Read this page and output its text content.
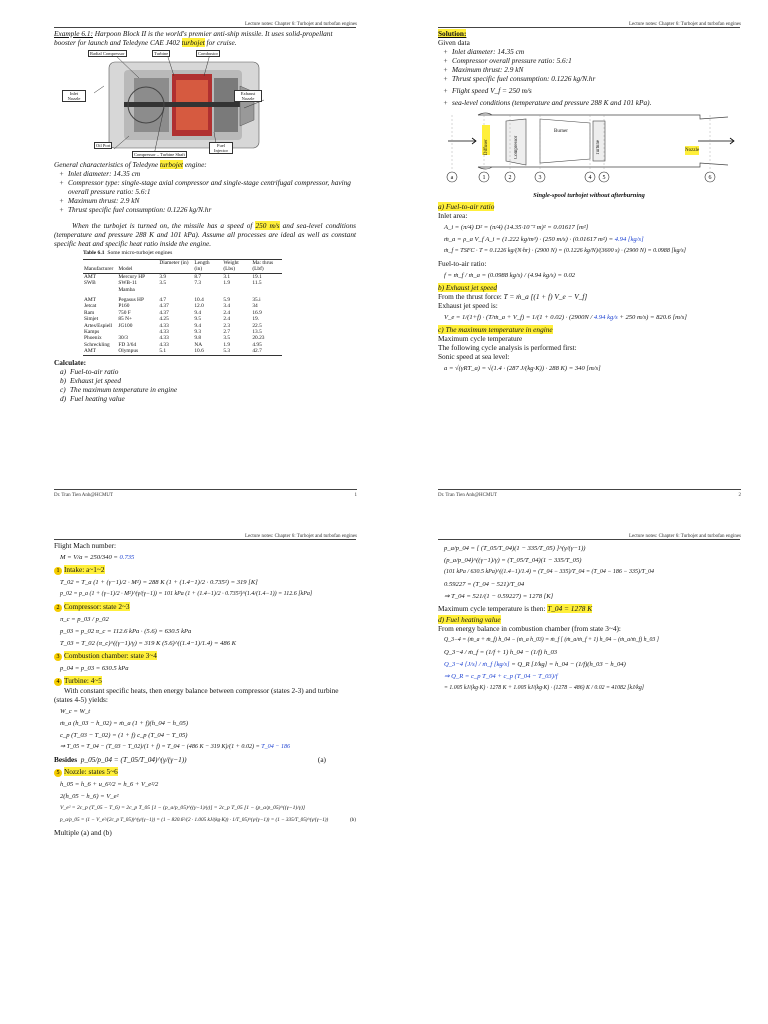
Lecture notes: Chapter 6: Turbojet and turbofan engines
Example 6.1: Harpoon Block II is the world's premier anti-ship missile. It uses solid-propellant booster for launch and Teledyne CAE J402 turbojet for cruise.
Radial Compressor	Turbine	Combustor
Inlet Nozzle
Exhaust Nozzle
Oil Port
Compressor – Turbine Shaft
Fuel Injector
General characteristics of Teledyne turbojet engine:
+ Inlet diameter: 14.35 cm
+ Compressor type: single-stage axial compressor and single-stage centrifugal compressor, having overall pressure ratio: 5.6:1
+ Maximum thrust: 2.9 kN
+ Thrust specific fuel consumption: 0.1226 kg/N.hr
When the turbojet is turned on, the missile has a speed of 250 m/s and sea-level conditions (temperature and pressure 288 K and 101 kPa). Assume all processes are ideal as well as constant specific heat and specific heat ratio inside the engine.
Table 6.1 Some micro-turbojet engines
Manufacturer	Model	Diameter (in)	Length (in)	Weight (Lbs)	Ma: thrus (Lbf)
AMT	Mercury HP	3.9	8.7	3.1	19.1
SWB	SWB-11 Mamba	3.5	7.3	1.9	11.5
AMT	Pegasus HP	4.7	10.4	5.9	35.i
Jetcat	P160	4.37	12.0	3.4	34
Ram	750 F	4.37	9.4	2.4	16.9
Simjet	85 N+	4.25	9.5	2.4	19.
Artes/Espiell	JG100	4.33	9.4	2.3	22.5
Kamps		4.33	9.3	2.7	13.5
Phoenix	30/3	4.33	9.8	3.5	20.23
Schreckling	FD 3/64	4.33	NA	1.9	4.95
AMT	Olympus	5.1	10.6	5.3	42.7
Calculate:
a) Fuel-to-air ratio
b) Exhaust jet speed
c) The maximum temperature in engine
d) Fuel heating value
Dr. Tran Tien Anh@HCMUT	1
Lecture notes: Chapter 6: Turbojet and turbofan engines
Solution:
Given data
+ Inlet diameter: 14.35 cm
+ Compressor overall pressure ratio: 5.6:1
+ Maximum thrust: 2.9 kN
+ Thrust specific fuel consumption: 0.1226 kg/N.hr
+ Flight speed V_f = 250 m/s
+ sea-level conditions (temperature and pressure 288 K and 101 kPa).
a	1	2	3	4 5	6
Diffuser	Compressor
Burner
Turbine	Nozzle
Single-spool turbojet without afterburning
a) Fuel-to-air ratio
Inlet area:
A_i = (π/4) D² = (π/4) (14.35·10⁻² m)² = 0.01617 [m²]
ṁ_a = ρ_a V_f A_i = (1.222 kg/m³) · (250 m/s) · (0.01617 m²) = 4.94 [kg/s]
ṁ_f = TSFC · T = 0.1226 kg/(N·hr) · (2900 N) = (0.1226 kg/N)/(3600 s) · (2900 N) = 0.0988 [kg/s]
Fuel-to-air ratio:
f = ṁ_f / ṁ_a = (0.0988 kg/s) / (4.94 kg/s) = 0.02
b) Exhaust jet speed
From the thrust force: T = ṁ_a [(1 + f) V_e − V_f]
Exhaust jet speed is:
V_e = 1/(1+f) · (T/ṁ_a + V_f) = 1/(1 + 0.02) · (2900N / 4.94 kg/s + 250 m/s) = 820.6 [m/s]
c) The maximum temperature in engine
Maximum cycle temperature
The following cycle analysis is performed first:
Sonic speed at sea level:
a = √(γRT_a) = √(1.4 · (287 J/(kg·K)) · 288 K) = 340 [m/s]
Dr. Tran Tien Anh@HCMUT	2
Lecture notes: Chapter 6: Turbojet and turbofan engines
Flight Mach number:
M = V/a = 250/340 = 0.735
1 Intake: a~1~2
T_02 = T_a (1 + (γ−1)/2 · M²) = 288 K (1 + (1.4−1)/2 · 0.735²) = 319 [K]
p_02 = p_a (1 + (γ−1)/2 · M²)^(γ/(γ−1)) = 101 kPa (1 + (1.4−1)/2 · 0.735²)^(1.4/(1.4−1)) = 112.6 [kPa]
2 Compressor: state 2~3
π_c = p_03 / p_02
p_03 = p_02 π_c = 112.6 kPa · (5.6) = 630.5 kPa
T_03 = T_02 (π_c)^((γ−1)/γ) = 319 K (5.6)^((1.4−1)/1.4) = 486 K
3 Combustion chamber: state 3~4
p_04 = p_03 = 630.5 kPa
4 Turbine: 4~5
With constant specific heats, then energy balance between compressor (states 2-3) and turbine (states 4-5) yields:
W_c = W_t
ṁ_a (h_03 − h_02) = ṁ_a (1 + f)(h_04 − h_05)
c_p (T_03 − T_02) = (1 + f) c_p (T_04 − T_05)
⇒ T_05 = T_04 − (T_03 − T_02)/(1 + f) = T_04 − (486 K − 319 K)/(1 + 0.02) = T_04 − 186
Besides p_05/p_04 = (T_05/T_04)^(γ/(γ−1))	(a)
5 Nozzle: states 5~6
h_05 = h_6 + u_6²/2 = h_6 + V_e²/2
2(h_05 − h_6) = V_e²
V_e² = 2c_p (T_05 − T_6) = 2c_p T_05 [1 − (p_a/p_05)^((γ−1)/γ)] = 2c_p T_05 [1 − (p_a/p_05)^((γ−1)/γ)]
p_a/p_05 = (1 − V_e²/(2c_p T_05))^(γ/(γ−1)) = (1 − 820.6²/(2 · 1.005 kJ/(kg·K)) · 1/T_05)^(γ/(γ−1)) = (1 − 335/T_05)^(γ/(γ−1))	(b)
Multiple (a) and (b)
Lecture notes: Chapter 6: Turbojet and turbofan engines
p_a/p_04 = [ (T_05/T_04)(1 − 335/T_05) ]^(γ/(γ−1))
(p_a/p_04)^((γ−1)/γ) = (T_05/T_04)(1 − 335/T_05)
(101 kPa / 630.5 kPa)^((1.4−1)/1.4) = (T_04 − 335)/T_04 = (T_04 − 186 − 335)/T_04
0.59227 = (T_04 − 521)/T_04
⇒ T_04 = 521/(1 − 0.59227) = 1278 [K]
Maximum cycle temperature is then: T_04 = 1278 K
d) Fuel heating value
From energy balance in combustion chamber (from state 3~4):
Q_3−4 = (ṁ_a + ṁ_f) h_04 − (ṁ_a h_03) = ṁ_f [ (ṁ_a/ṁ_f + 1) h_04 − (ṁ_a/ṁ_f) h_03 ]
Q_3−4 / ṁ_f = (1/f + 1) h_04 − (1/f) h_03
Q_3−4 [J/s] / ṁ_f [kg/s] = Q_R [J/kg] = h_04 − (1/f)(h_03 − h_04)
⇒ Q_R = c_p T_04 + c_p (T_04 − T_03)/f
= 1.005 kJ/(kg·K) · 1278 K + 1.005 kJ/(kg·K) · (1278 − 486) K / 0.02 = 41082 [kJ/kg]
